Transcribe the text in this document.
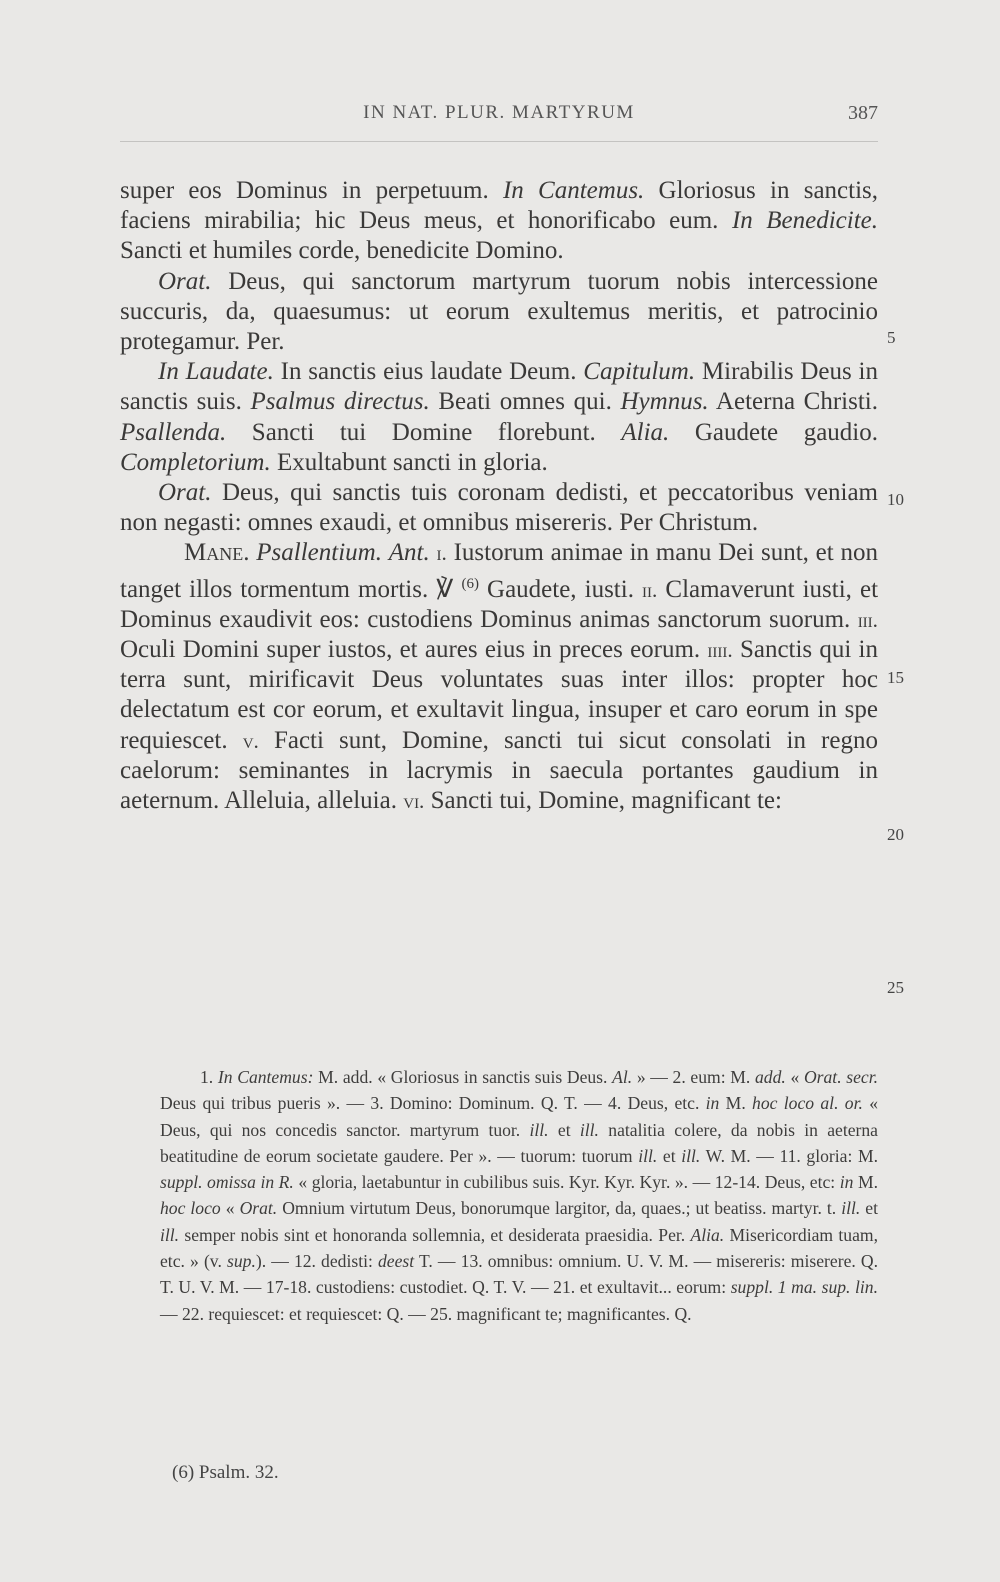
IN NAT. PLUR. MARTYRUM	387

super eos Dominus in perpetuum. In Cantemus. Gloriosus in sanctis, faciens mirabilia; hic Deus meus, et honorificabo eum. In Benedicite. Sancti et humiles corde, benedicite Domino.

Orat. Deus, qui sanctorum martyrum tuorum nobis intercessione succuris, da, quaesumus: ut eorum exultemus meritis, et patrocinio protegamur. Per.

In Laudate. In sanctis eius laudate Deum. Capitulum. Mirabilis Deus in sanctis suis. Psalmus directus. Beati omnes qui. Hymnus. Aeterna Christi. Psallenda. Sancti tui Domine florebunt. Alia. Gaudete gaudio. Completorium. Exultabunt sancti in gloria.

Orat. Deus, qui sanctis tuis coronam dedisti, et peccatoribus veniam non negasti: omnes exaudi, et omnibus misereris. Per Christum.

Mane. Psallentium. Ant. i. Iustorum animae in manu Dei sunt, et non tanget illos tormentum mortis. ℣ $^{(6)}$ Gaudete, iusti. ii. Clamaverunt iusti, et Dominus exaudivit eos: custodiens Dominus animas sanctorum suorum. iii. Oculi Domini super iustos, et aures eius in preces eorum. iiii. Sanctis qui in terra sunt, mirificavit Deus voluntates suas inter illos: propter hoc delectatum est cor eorum, et exultavit lingua, insuper et caro eorum in spe requiescet. v. Facti sunt, Domine, sancti tui sicut consolati in regno caelorum: seminantes in lacrymis in saecula portantes gaudium in aeternum. Alleluia, alleluia. vi. Sancti tui, Domine, magnificant te:

5
10
15
20
25

1. In Cantemus: M. add. « Gloriosus in sanctis suis Deus. Al. » — 2. eum: M. add. « Orat. secr. Deus qui tribus pueris ». — 3. Domino: Dominum. Q. T. — 4. Deus, etc. in M. hoc loco al. or. « Deus, qui nos concedis sanctor. martyrum tuor. ill. et ill. natalitia colere, da nobis in aeterna beatitudine de eorum societate gaudere. Per ». — tuorum: tuorum ill. et ill. W. M. — 11. gloria: M. suppl. omissa in R. « gloria, laetabuntur in cubilibus suis. Kyr. Kyr. Kyr. ». — 12-14. Deus, etc: in M. hoc loco « Orat. Omnium virtutum Deus, bonorumque largitor, da, quaes.; ut beatiss. martyr. t. ill. et ill. semper nobis sint et honoranda sollemnia, et desiderata praesidia. Per. Alia. Misericordiam tuam, etc. » (v. sup.). — 12. dedisti: deest T. — 13. omnibus: omnium. U. V. M. — misereris: miserere. Q. T. U. V. M. — 17-18. custodiens: custodiet. Q. T. V. — 21. et exultavit... eorum: suppl. 1 ma. sup. lin. — 22. requiescet: et requiescet: Q. — 25. magnificant te; magnificantes. Q.

(6) Psalm. 32.
